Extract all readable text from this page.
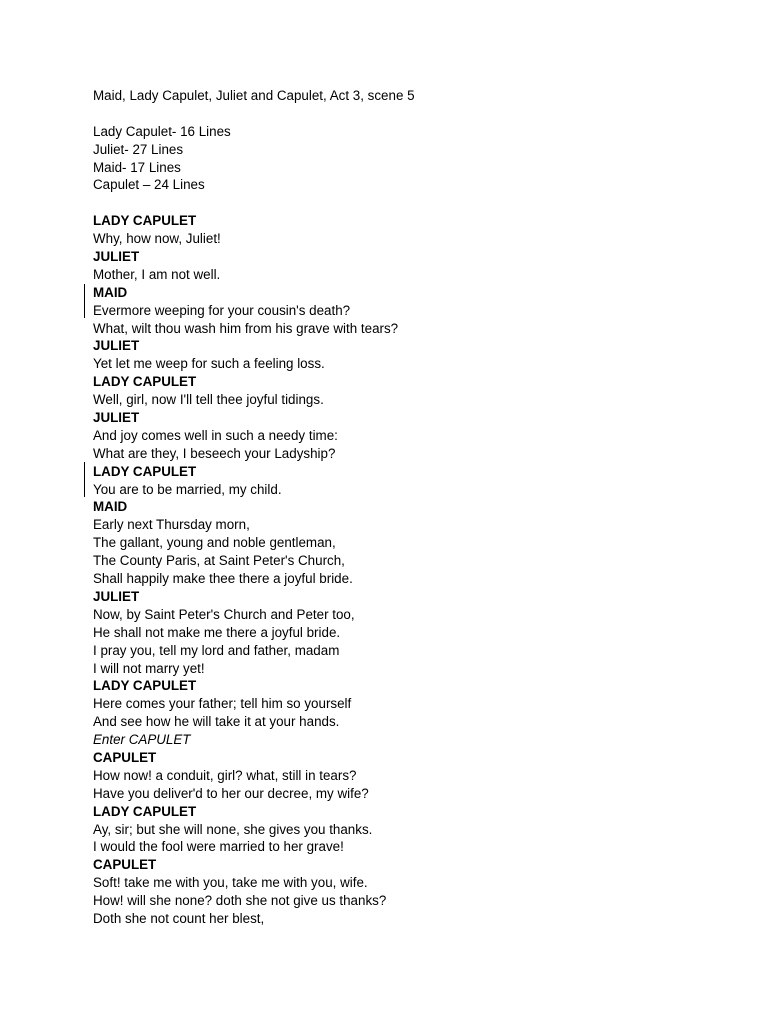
Maid, Lady Capulet, Juliet and Capulet, Act 3, scene 5
Lady Capulet- 16 Lines
Juliet- 27 Lines
Maid- 17 Lines
Capulet – 24 Lines
LADY CAPULET
Why, how now, Juliet!
JULIET
Mother, I am not well.
MAID
Evermore weeping for your cousin's death?
What, wilt thou wash him from his grave with tears?
JULIET
Yet let me weep for such a feeling loss.
LADY CAPULET
Well, girl, now I'll tell thee joyful tidings.
JULIET
And joy comes well in such a needy time:
What are they, I beseech your Ladyship?
LADY CAPULET
You are to be married, my child.
MAID
Early next Thursday morn,
The gallant, young and noble gentleman,
The County Paris, at Saint Peter's Church,
Shall happily make thee there a joyful bride.
JULIET
Now, by Saint Peter's Church and Peter too,
He shall not make me there a joyful bride.
I pray you, tell my lord and father, madam
I will not marry yet!
LADY CAPULET
Here comes your father; tell him so yourself
And see how he will take it at your hands.
Enter CAPULET
CAPULET
How now! a conduit, girl? what, still in tears?
Have you deliver'd to her our decree, my wife?
LADY CAPULET
Ay, sir; but she will none, she gives you thanks.
I would the fool were married to her grave!
CAPULET
Soft! take me with you, take me with you, wife.
How! will she none? doth she not give us thanks?
Doth she not count her blest,
